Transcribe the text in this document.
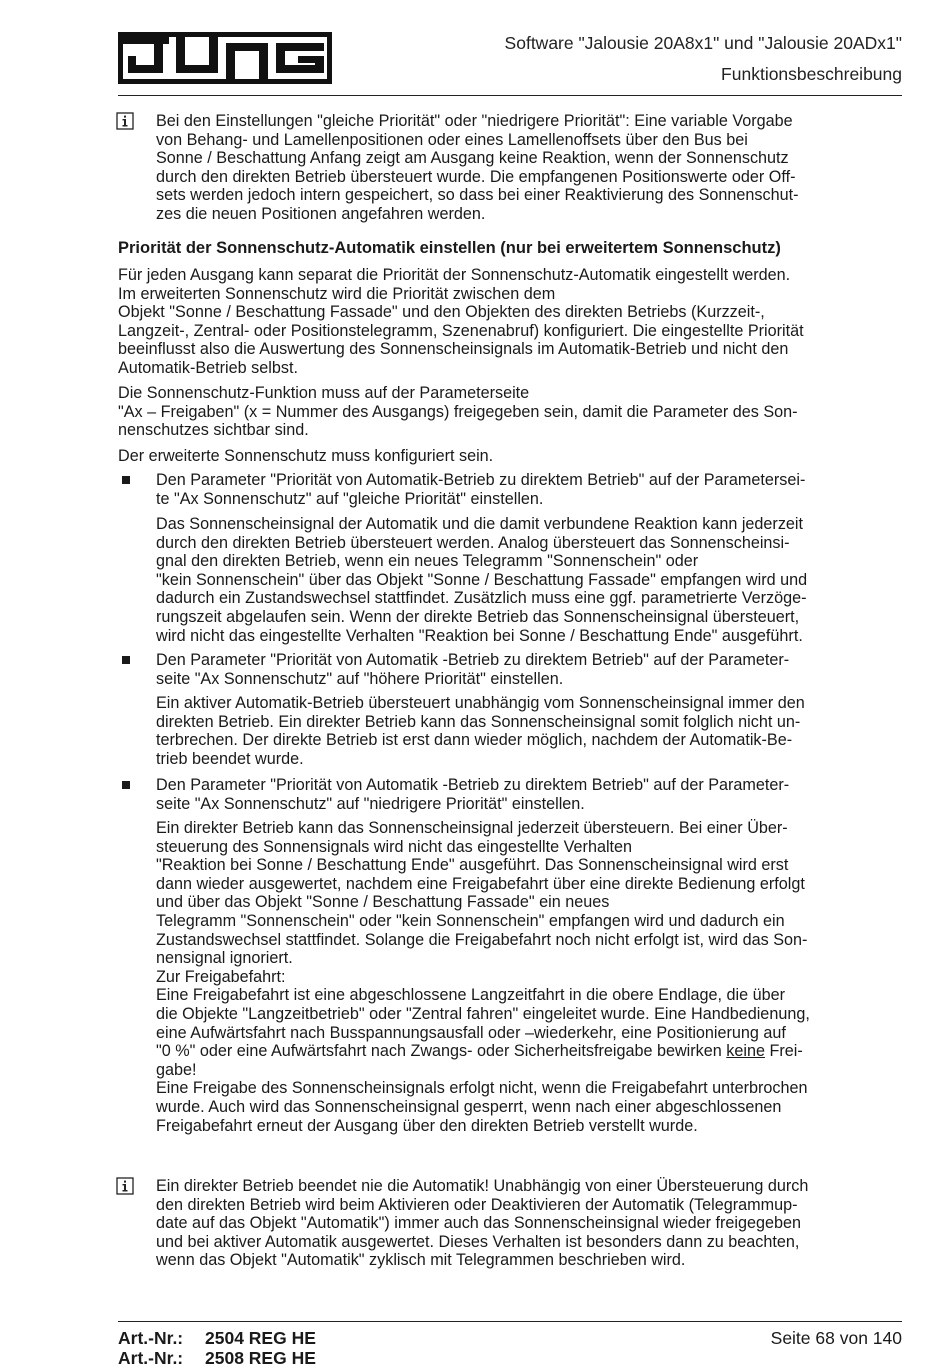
Software "Jalousie 20A8x1" und "Jalousie 20ADx1"
Funktionsbeschreibung
Bei den Einstellungen "gleiche Priorität" oder "niedrigere Priorität": Eine variable Vorgabe
von Behang- und Lamellenpositionen oder eines Lamellenoffsets über den Bus bei
Sonne / Beschattung Anfang zeigt am Ausgang keine Reaktion, wenn der Sonnenschutz
durch den direkten Betrieb übersteuert wurde. Die empfangenen Positionswerte oder Off-
sets werden jedoch intern gespeichert, so dass bei einer Reaktivierung des Sonnenschut-
zes die neuen Positionen angefahren werden.
Priorität der Sonnenschutz-Automatik einstellen (nur bei erweitertem Sonnenschutz)
Für jeden Ausgang kann separat die Priorität der Sonnenschutz-Automatik eingestellt werden.
Im erweiterten Sonnenschutz wird die Priorität zwischen dem
Objekt "Sonne / Beschattung Fassade" und den Objekten des direkten Betriebs (Kurzzeit-,
Langzeit-, Zentral- oder Positionstelegramm, Szenenabruf) konfiguriert. Die eingestellte Priorität
beeinflusst also die Auswertung des Sonnenscheinsignals im Automatik-Betrieb und nicht den
Automatik-Betrieb selbst.
Die Sonnenschutz-Funktion muss auf der Parameterseite
"Ax – Freigaben" (x = Nummer des Ausgangs) freigegeben sein, damit die Parameter des Son-
nenschutzes sichtbar sind.
Der erweiterte Sonnenschutz muss konfiguriert sein.
Den Parameter "Priorität von Automatik-Betrieb zu direktem Betrieb" auf der Parametersei-
te "Ax Sonnenschutz" auf "gleiche Priorität" einstellen.
Das Sonnenscheinsignal der Automatik und die damit verbundene Reaktion kann jederzeit
durch den direkten Betrieb übersteuert werden. Analog übersteuert das Sonnenscheinsi-
gnal den direkten Betrieb, wenn ein neues Telegramm "Sonnenschein" oder
"kein Sonnenschein" über das Objekt "Sonne / Beschattung Fassade" empfangen wird und
dadurch ein Zustandswechsel stattfindet. Zusätzlich muss eine ggf. parametrierte Verzöge-
rungszeit abgelaufen sein. Wenn der direkte Betrieb das Sonnenscheinsignal übersteuert,
wird nicht das eingestellte Verhalten "Reaktion bei Sonne / Beschattung Ende" ausgeführt.
Den Parameter "Priorität von Automatik -Betrieb zu direktem Betrieb" auf der Parameter-
seite "Ax Sonnenschutz" auf "höhere Priorität" einstellen.
Ein aktiver Automatik-Betrieb übersteuert unabhängig vom Sonnenscheinsignal immer den
direkten Betrieb. Ein direkter Betrieb kann das Sonnenscheinsignal somit folglich nicht un-
terbrechen. Der direkte Betrieb ist erst dann wieder möglich, nachdem der Automatik-Be-
trieb beendet wurde.
Den Parameter "Priorität von Automatik -Betrieb zu direktem Betrieb" auf der Parameter-
seite "Ax Sonnenschutz" auf "niedrigere Priorität" einstellen.
Ein direkter Betrieb kann das Sonnenscheinsignal jederzeit übersteuern. Bei einer Über-
steuerung des Sonnensignals wird nicht das eingestellte Verhalten
"Reaktion bei Sonne / Beschattung Ende" ausgeführt. Das Sonnenscheinsignal wird erst
dann wieder ausgewertet, nachdem eine Freigabefahrt über eine direkte Bedienung erfolgt
und über das Objekt "Sonne / Beschattung Fassade" ein neues
Telegramm "Sonnenschein" oder "kein Sonnenschein" empfangen wird und dadurch ein
Zustandswechsel stattfindet. Solange die Freigabefahrt noch nicht erfolgt ist, wird das Son-
nensignal ignoriert.
Zur Freigabefahrt:
Eine Freigabefahrt ist eine abgeschlossene Langzeitfahrt in die obere Endlage, die über
die Objekte "Langzeitbetrieb" oder "Zentral fahren" eingeleitet wurde. Eine Handbedienung,
eine Aufwärtsfahrt nach Busspannungsausfall oder –wiederkehr, eine Positionierung auf
"0 %" oder eine Aufwärtsfahrt nach Zwangs- oder Sicherheitsfreigabe bewirken keine Frei-
gabe!
Eine Freigabe des Sonnenscheinsignals erfolgt nicht, wenn die Freigabefahrt unterbrochen
wurde. Auch wird das Sonnenscheinsignal gesperrt, wenn nach einer abgeschlossenen
Freigabefahrt erneut der Ausgang über den direkten Betrieb verstellt wurde.
Ein direkter Betrieb beendet nie die Automatik! Unabhängig von einer Übersteuerung durch
den direkten Betrieb wird beim Aktivieren oder Deaktivieren der Automatik (Telegrammup-
date auf das Objekt "Automatik") immer auch das Sonnenscheinsignal wieder freigegeben
und bei aktiver Automatik ausgewertet. Dieses Verhalten ist besonders dann zu beachten,
wenn das Objekt "Automatik" zyklisch mit Telegrammen beschrieben wird.
Art.-Nr.: 2504 REG HE
Art.-Nr.: 2508 REG HE
Seite 68 von 140
